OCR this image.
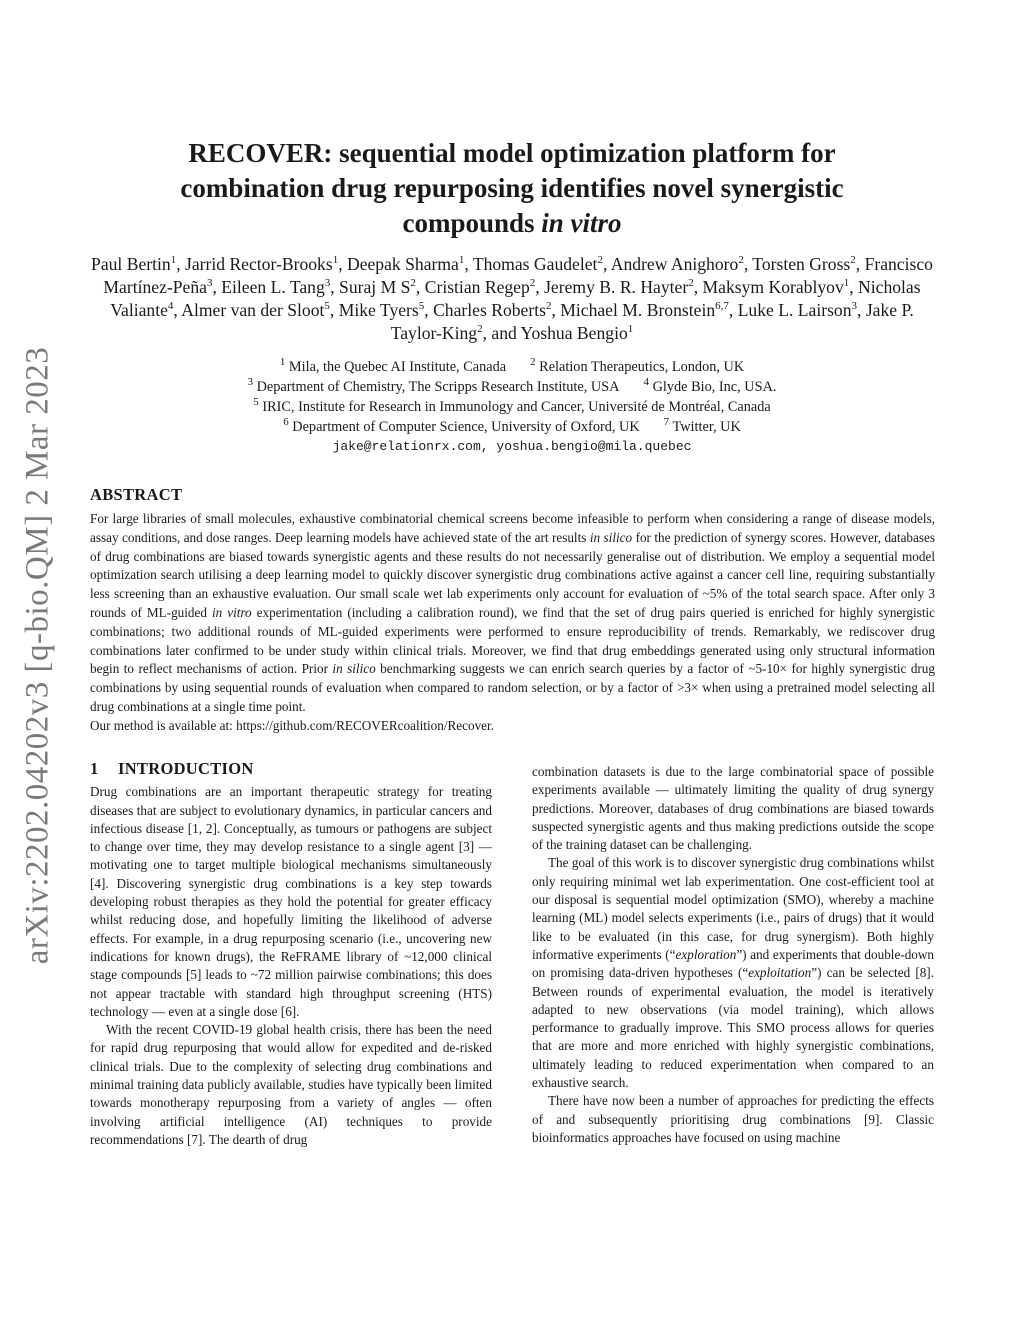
arXiv:2202.04202v3 [q-bio.QM] 2 Mar 2023
RECOVER: sequential model optimization platform for
combination drug repurposing identifies novel synergistic
compounds in vitro
Paul Bertin$^1$, Jarrid Rector-Brooks$^1$, Deepak Sharma$^1$, Thomas Gaudelet$^2$, Andrew Anighoro$^2$, Torsten Gross$^2$, Francisco Martínez-Peña$^3$, Eileen L. Tang$^3$, Suraj M $S^2$, Cristian Regep$^2$, Jeremy B. R. Hayter$^2$, Maksym Korablyov$^1$, Nicholas Valiante$^4$, Almer van der Sloot$^5$, Mike Tyers$^5$, Charles Roberts$^2$, Michael M. Bronstein$^{6,7}$, Luke L. Lairson$^3$, Jake P. Taylor-King$^2$, and Yoshua Bengio$^1$
$^1$ Mila, the Quebec AI Institute, Canada $^2$ Relation Therapeutics, London, UK
$^3$ Department of Chemistry, The Scripps Research Institute, USA $^4$ Glyde Bio, Inc, USA.
$^5$ IRIC, Institute for Research in Immunology and Cancer, Université de Montréal, Canada
$^6$ Department of Computer Science, University of Oxford, UK $^7$ Twitter, UK
jake@relationrx.com, yoshua.bengio@mila.quebec
ABSTRACT

For large libraries of small molecules, exhaustive combinatorial chemical screens become infeasible to perform when considering a range of disease models, assay conditions, and dose ranges. Deep learning models have achieved state of the art results in silico for the prediction of synergy scores. However, databases of drug combinations are biased towards synergistic agents and these results do not necessarily generalise out of distribution. We employ a sequential model optimization search utilising a deep learning model to quickly discover synergistic drug combinations active against a cancer cell line, requiring substantially less screening than an exhaustive evaluation. Our small scale wet lab experiments only account for evaluation of ~5% of the total search space. After only 3 rounds of ML-guided in vitro experimentation (including a calibration round), we find that the set of drug pairs queried is enriched for highly synergistic combinations; two additional rounds of ML-guided experiments were performed to ensure reproducibility of trends. Remarkably, we rediscover drug combinations later confirmed to be under study within clinical trials. Moreover, we find that drug embeddings generated using only structural information begin to reflect mechanisms of action. Prior in silico benchmarking suggests we can enrich search queries by a factor of ~5-10× for highly synergistic drug combinations by using sequential rounds of evaluation when compared to random selection, or by a factor of >3× when using a pretrained model selecting all drug combinations at a single time point.

Our method is available at: https://github.com/RECOVERcoalition/Recover.

1 INTRODUCTION

Drug combinations are an important therapeutic strategy for treating diseases that are subject to evolutionary dynamics, in particular cancers and infectious disease [1, 2]. Conceptually, as tumours or pathogens are subject to change over time, they may develop resistance to a single agent [3] — motivating one to target multiple biological mechanisms simultaneously [4]. Discovering synergistic drug combinations is a key step towards developing robust therapies as they hold the potential for greater efficacy whilst reducing dose, and hopefully limiting the likelihood of adverse effects. For example, in a drug repurposing scenario (i.e., uncovering new indications for known drugs), the ReFRAME library of ~12,000 clinical stage compounds [5] leads to ~72 million pairwise combinations; this does not appear tractable with standard high throughput screening (HTS) technology — even at a single dose [6].

With the recent COVID-19 global health crisis, there has been the need for rapid drug repurposing that would allow for expedited and de-risked clinical trials. Due to the complexity of selecting drug combinations and minimal training data publicly available, studies have typically been limited towards monotherapy repurposing from a variety of angles — often involving artificial intelligence (AI) techniques to provide recommendations [7]. The dearth of drug

combination datasets is due to the large combinatorial space of possible experiments available — ultimately limiting the quality of drug synergy predictions. Moreover, databases of drug combinations are biased towards suspected synergistic agents and thus making predictions outside the scope of the training dataset can be challenging.

The goal of this work is to discover synergistic drug combinations whilst only requiring minimal wet lab experimentation. One cost-efficient tool at our disposal is sequential model optimization (SMO), whereby a machine learning (ML) model selects experiments (i.e., pairs of drugs) that it would like to be evaluated (in this case, for drug synergism). Both highly informative experiments (“exploration”) and experiments that double-down on promising data-driven hypotheses (“exploitation”) can be selected [8]. Between rounds of experimental evaluation, the model is iteratively adapted to new observations (via model training), which allows performance to gradually improve. This SMO process allows for queries that are more and more enriched with highly synergistic combinations, ultimately leading to reduced experimentation when compared to an exhaustive search.

There have now been a number of approaches for predicting the effects of and subsequently prioritising drug combinations [9]. Classic bioinformatics approaches have focused on using machine
